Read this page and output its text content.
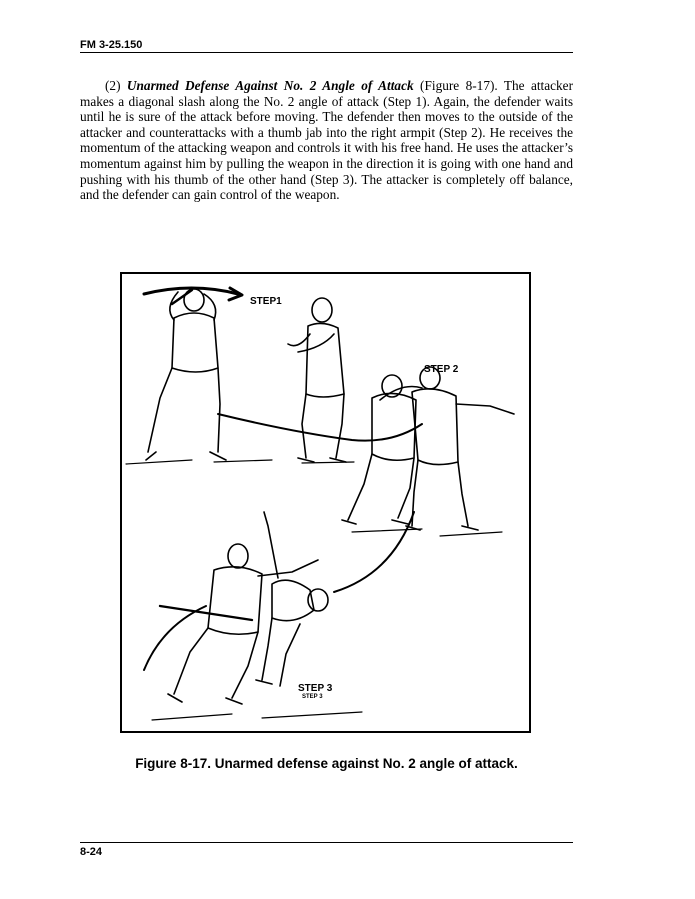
FM 3-25.150

(2) Unarmed Defense Against No. 2 Angle of Attack (Figure 8-17). The attacker makes a diagonal slash along the No. 2 angle of attack (Step 1). Again, the defender waits until he is sure of the attack before moving. The defender then moves to the outside of the attacker and counterattacks with a thumb jab into the right armpit (Step 2). He receives the momentum of the attacking weapon and controls it with his free hand. He uses the attacker’s momentum against him by pulling the weapon in the direction it is going with one hand and pushing with his thumb of the other hand (Step 3). The attacker is completely off balance, and the defender can gain control of the weapon.

STEP1
STEP 2
STEP 3
STEP 3
Figure 8-17. Unarmed defense against No. 2 angle of attack.
8-24
